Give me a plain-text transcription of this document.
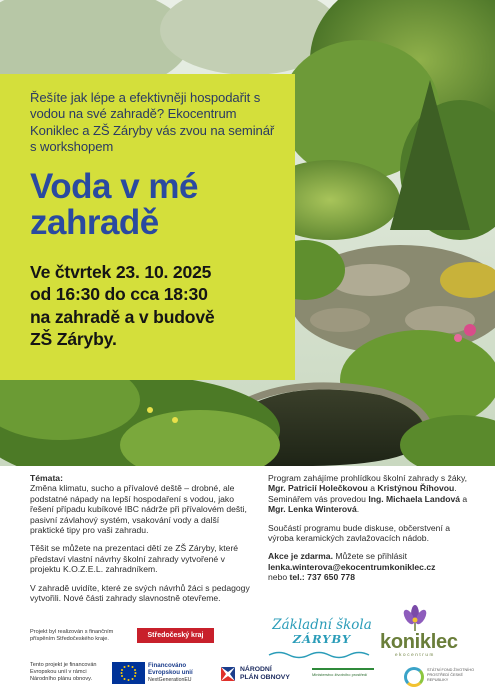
Řešíte jak lépe a efektivněji hospodařit s vodou na své zahradě? Ekocentrum Koniklec a ZŠ Záryby vás zvou na seminář s workshopem

Voda v mé
zahradě
Ve čtvrtek 23. 10. 2025
od 16:30 do cca 18:30
na zahradě a v budově
ZŠ Záryby.

Témata:

Změna klimatu, sucho a přívalové deště – drobné, ale podstatné nápady na lepší hospodaření s vodou, jako řešení případu kubíkové IBC nádrže při přívalovém dešti, pasivní závlahový systém, vsakování vody a další praktické tipy pro vaši zahradu.

Těšit se můžete na prezentaci dětí ze ZŠ Záryby, které představí vlastní návrhy školní zahrady vytvořené v projektu K.O.Z.E.L. zahradníkem.

V zahradě uvidíte, které ze svých návrhů žáci s pedagogy vytvořili. Nové části zahrady slavnostně otevřeme.

Program zahájíme prohlídkou školní zahrady s žáky, Mgr. Patricií Holečkovou a Kristýnou Říhovou. Seminářem vás provedou Ing. Michaela Landová a Mgr. Lenka Winterová.

Součástí programu bude diskuse, občerstvení a výroba keramických zavlažovacích nádob.

Akce je zdarma. Můžete se přihlásit
lenka.winterova@ekocentrumkoniklec.cz
nebo tel.: 737 650 778

Projekt byl realizován s finančním příspěním Středočeského kraje.	Středočeský kraj
Tento projekt je financován Evropskou unií v rámci Národního plánu obnovy.
Financováno
Evropskou unií
NextGenerationEU
NÁRODNÍ
PLÁN OBNOVY	Ministerstvo životního prostředí
STÁTNÍ FOND ŽIVOTNÍHO PROSTŘEDÍ ČESKÉ REPUBLIKY
Základní škola
ZÁRYBY	koniklec
ekocentrum
